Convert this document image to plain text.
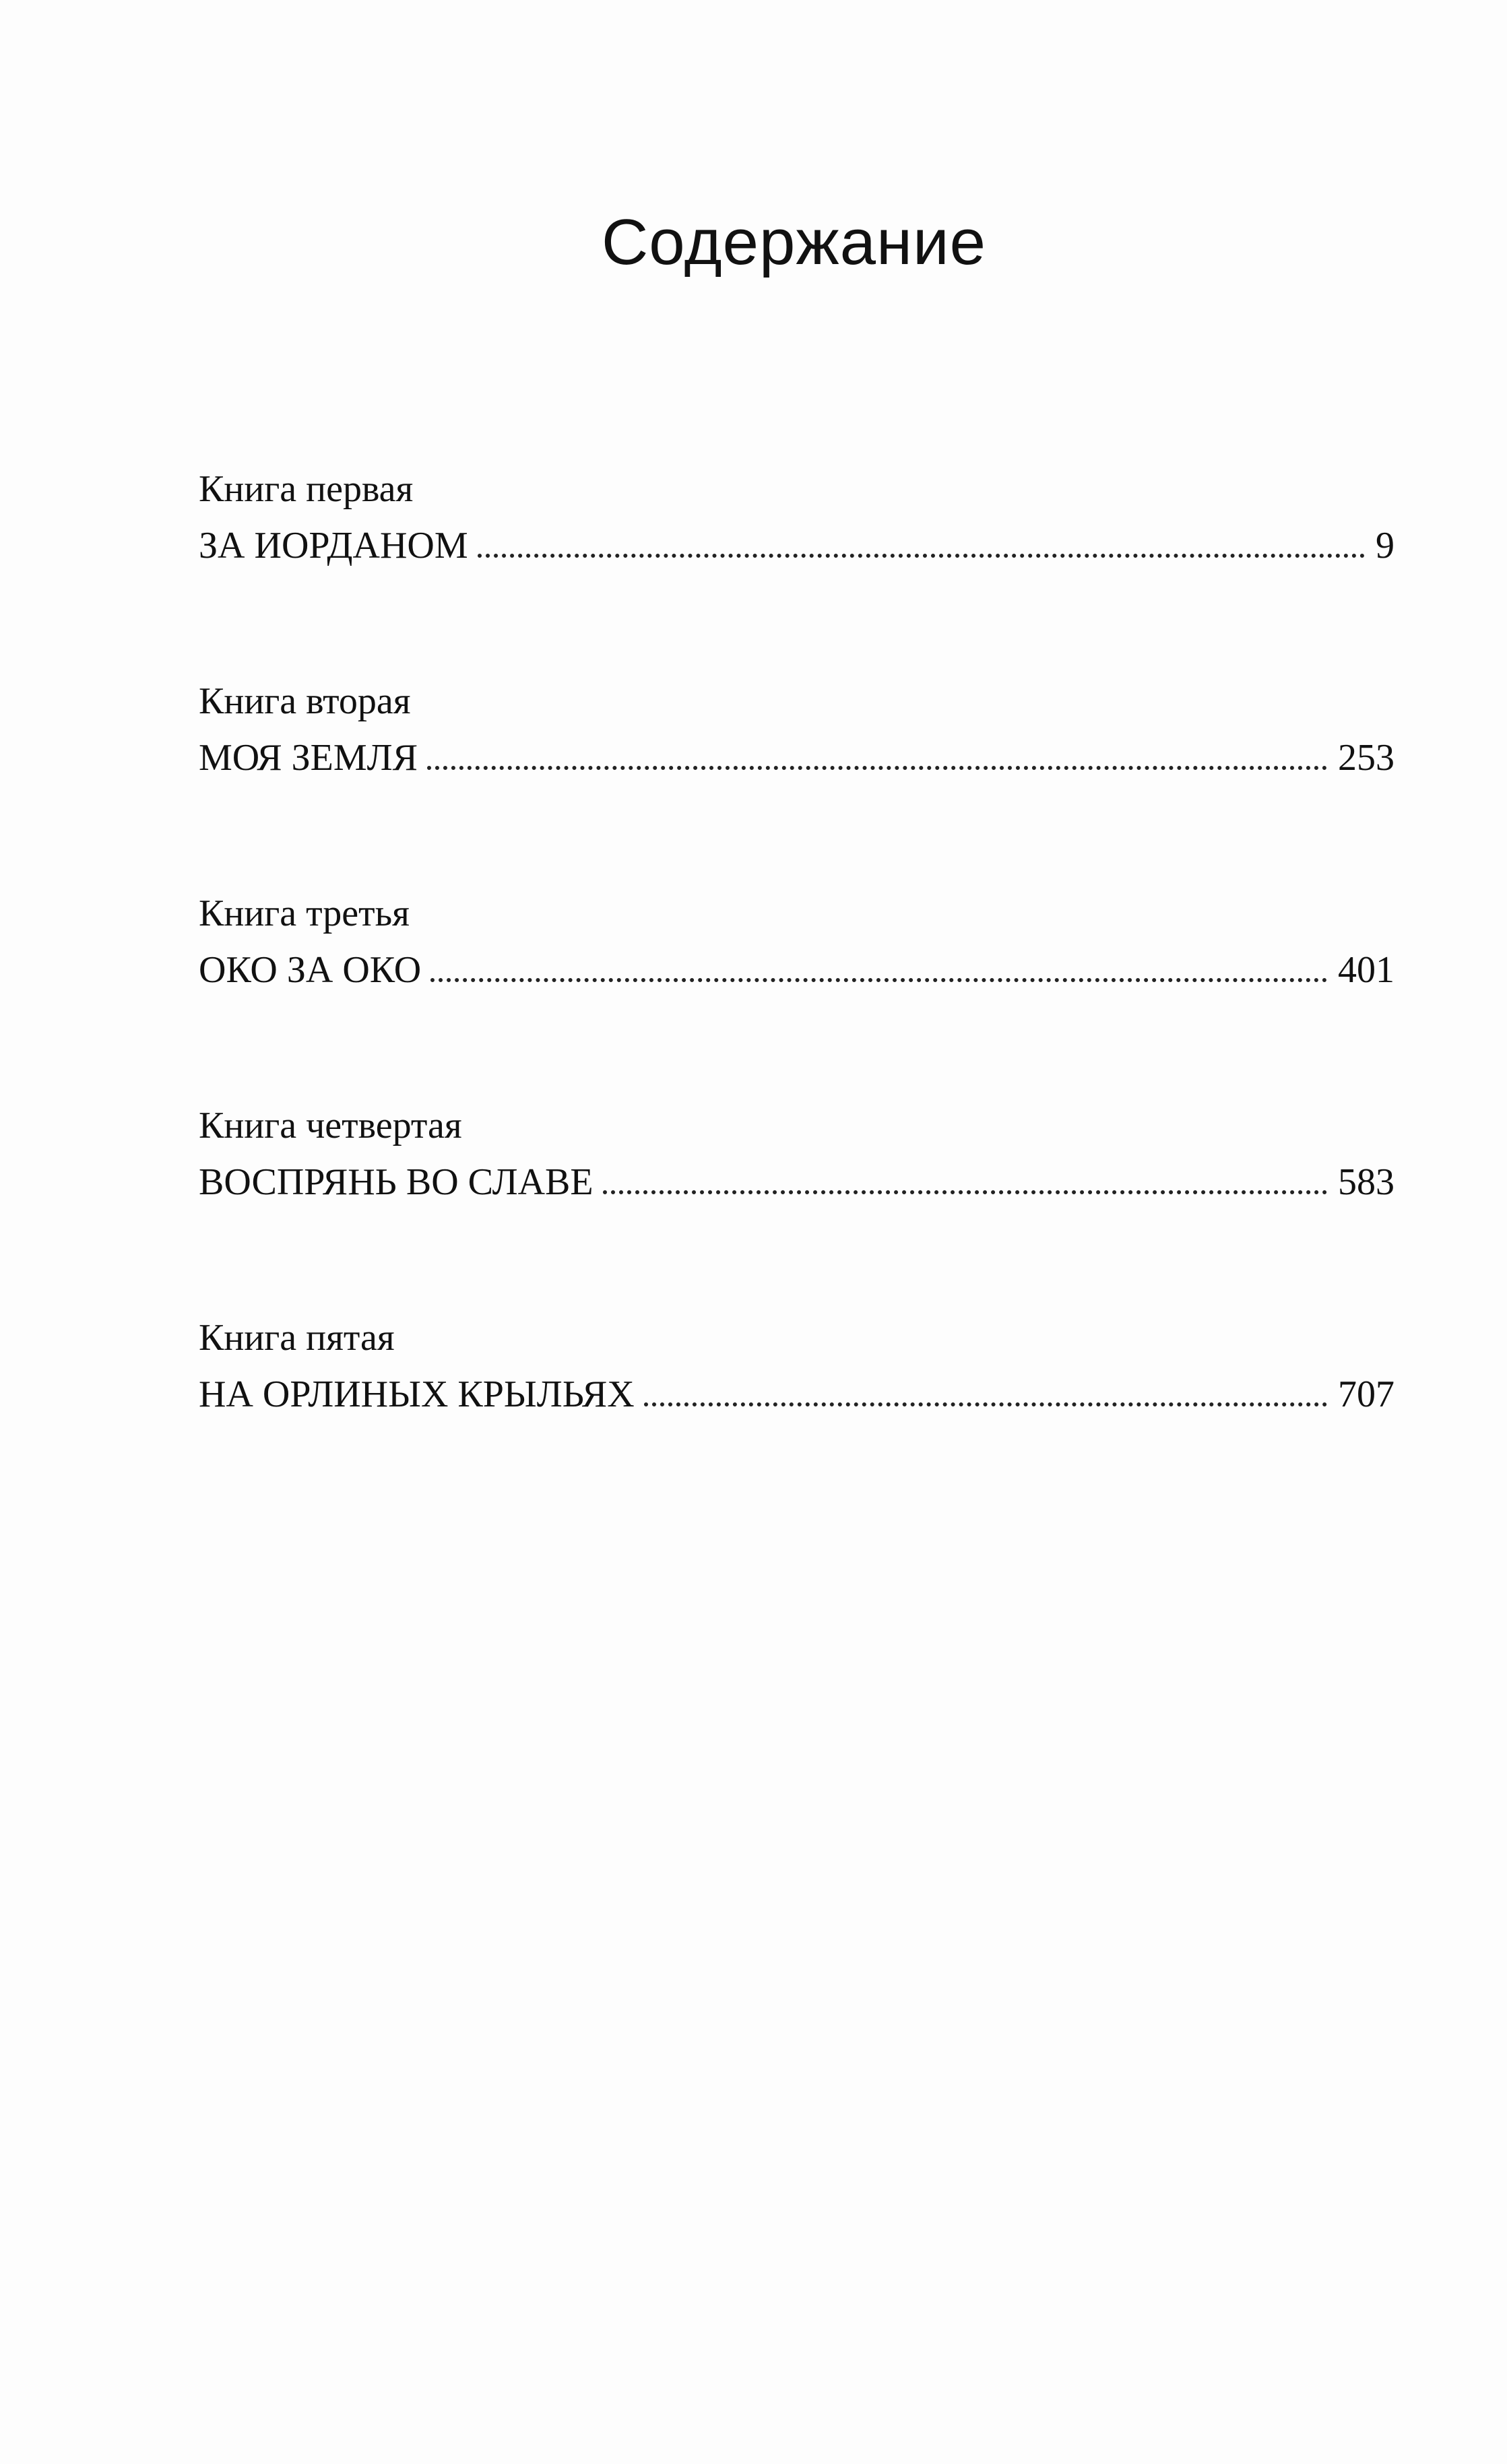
Содержание
Книга первая
ЗА ИОРДАНОМ	9
Книга вторая
МОЯ ЗЕМЛЯ	253
Книга третья
ОКО ЗА ОКО	401
Книга четвертая
ВОСПРЯНЬ ВО СЛАВЕ	583
Книга пятая
НА ОРЛИНЫХ КРЫЛЬЯХ	707
